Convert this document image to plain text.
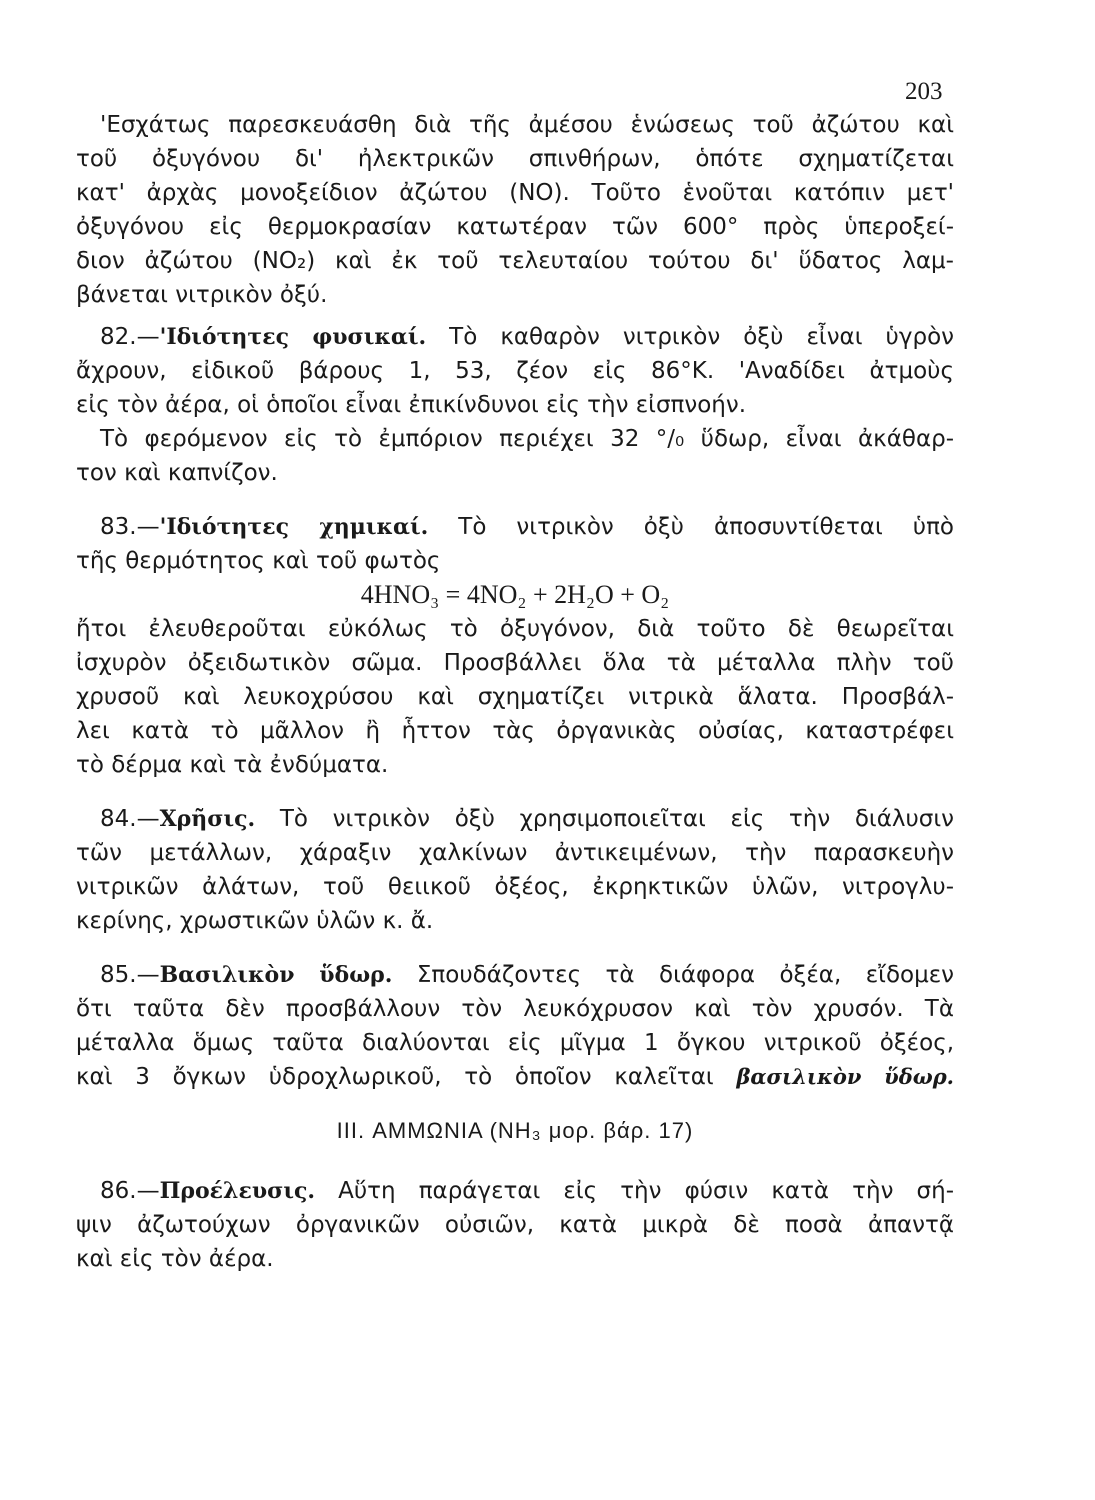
203
'Εσχάτως παρεσκευάσθη διὰ τῆς ἀμέσου ἑνώσεως τοῦ ἀζώτου καὶ
τοῦ ὀξυγόνου δι' ἠλεκτρικῶν σπινθήρων, ὁπότε σχηματίζεται
κατ' ἀρχὰς μονοξείδιον ἀζώτου (NO). Τοῦτο ἑνοῦται κατόπιν μετ'
ὀξυγόνου εἰς θερμοκρασίαν κατωτέραν τῶν 600° πρὸς ὑπεροξεί-
διον ἀζώτου (NO₂) καὶ ἐκ τοῦ τελευταίου τούτου δι' ὕδατος λαμ-
βάνεται νιτρικὸν ὀξύ.
82.—'Ιδιότητες φυσικαί. Τὸ καθαρὸν νιτρικὸν ὀξὺ εἶναι ὑγρὸν
ἄχρουν, εἰδικοῦ βάρους 1, 53, ζέον εἰς 86°Κ. 'Αναδίδει ἀτμοὺς
εἰς τὸν ἀέρα, οἱ ὁποῖοι εἶναι ἐπικίνδυνοι εἰς τὴν εἰσπνοήν.
Τὸ φερόμενον εἰς τὸ ἐμπόριον περιέχει 32 °/₀ ὕδωρ, εἶναι ἀκάθαρ-
τον καὶ καπνίζον.
83.—'Ιδιότητες χημικαί. Τὸ νιτρικὸν ὀξὺ ἀποσυντίθεται ὑπὸ
τῆς θερμότητος καὶ τοῦ φωτὸς
4HNO₃ = 4NO₂ + 2H₂O + O₂
ἤτοι ἐλευθεροῦται εὐκόλως τὸ ὀξυγόνον, διὰ τοῦτο δὲ θεωρεῖται
ἰσχυρὸν ὀξειδωτικὸν σῶμα. Προσβάλλει ὅλα τὰ μέταλλα πλὴν τοῦ
χρυσοῦ καὶ λευκοχρύσου καὶ σχηματίζει νιτρικὰ ἅλατα. Προσβάλ-
λει κατὰ τὸ μᾶλλον ἢ ἧττον τὰς ὀργανικὰς οὐσίας, καταστρέφει
τὸ δέρμα καὶ τὰ ἐνδύματα.
84.—Χρῆσις. Τὸ νιτρικὸν ὀξὺ χρησιμοποιεῖται εἰς τὴν διάλυσιν
τῶν μετάλλων, χάραξιν χαλκίνων ἀντικειμένων, τὴν παρασκευὴν
νιτρικῶν ἀλάτων, τοῦ θειικοῦ ὀξέος, ἐκρηκτικῶν ὑλῶν, νιτρογλυ-
κερίνης, χρωστικῶν ὑλῶν κ. ἄ.
85.—Βασιλικὸν ὕδωρ. Σπουδάζοντες τὰ διάφορα ὀξέα, εἴδομεν
ὅτι ταῦτα δὲν προσβάλλουν τὸν λευκόχρυσον καὶ τὸν χρυσόν. Τὰ
μέταλλα ὅμως ταῦτα διαλύονται εἰς μῖγμα 1 ὄγκου νιτρικοῦ ὀξέος,
καὶ 3 ὄγκων ὑδροχλωρικοῦ, τὸ ὁποῖον καλεῖται βασιλικὸν ὕδωρ.
III. ΑΜΜΩΝΙΑ (ΝΗ₃ μορ. βάρ. 17)
86.—Προέλευσις. Αὕτη παράγεται εἰς τὴν φύσιν κατὰ τὴν σή-
ψιν ἀζωτούχων ὀργανικῶν οὐσιῶν, κατὰ μικρὰ δὲ ποσὰ ἀπαντᾷ
καὶ εἰς τὸν ἀέρα.
